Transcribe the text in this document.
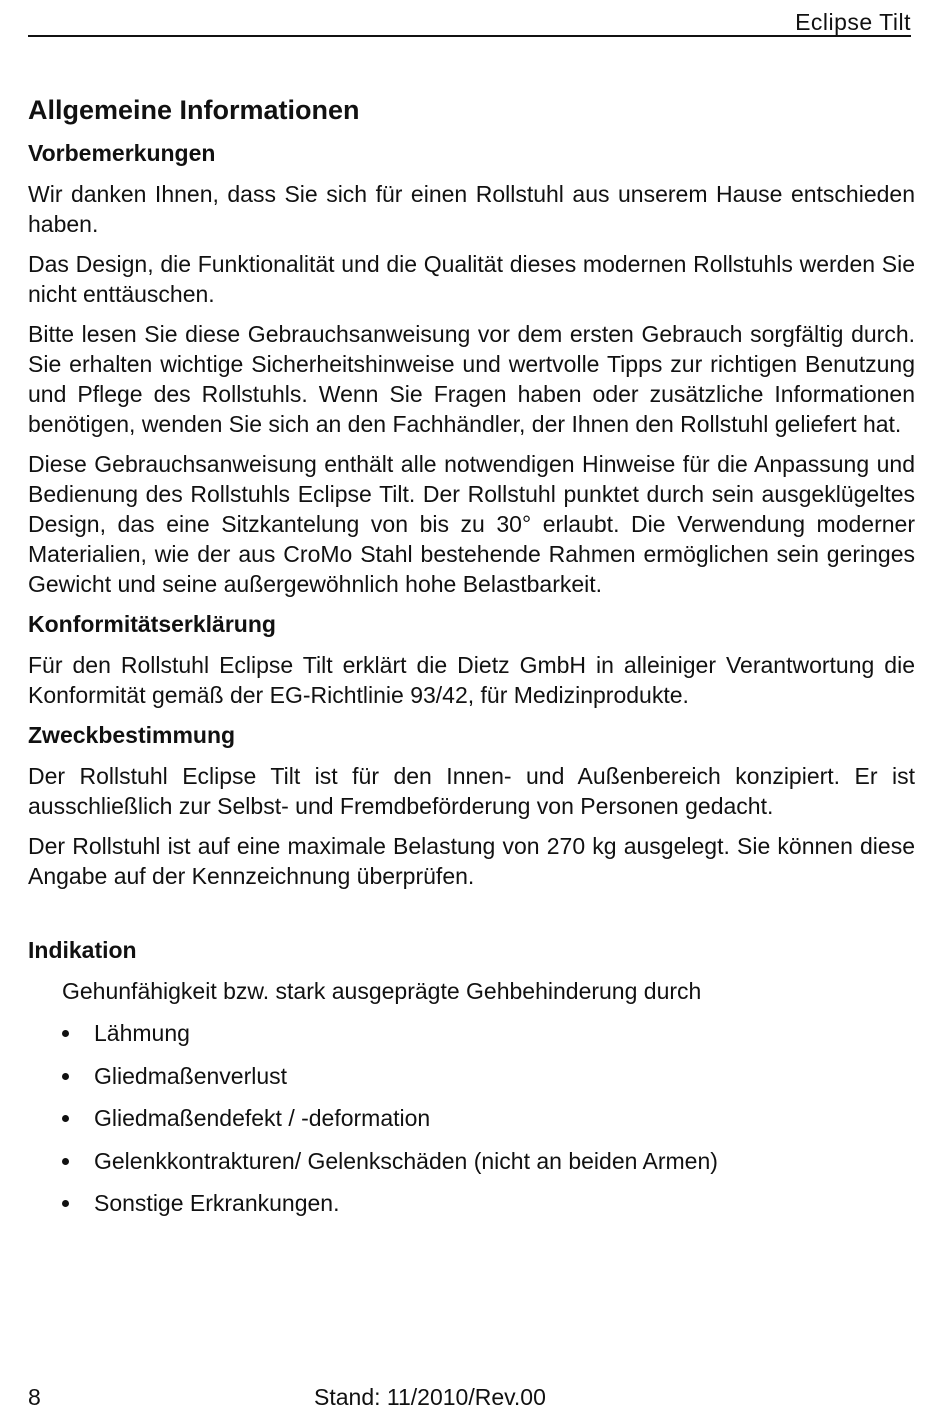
Eclipse Tilt
Allgemeine Informationen
Vorbemerkungen

Wir danken Ihnen, dass Sie sich für einen Rollstuhl aus unserem Hause entschieden haben.

Das Design, die Funktionalität und die Qualität dieses modernen Rollstuhls werden Sie nicht enttäuschen.

Bitte lesen Sie diese Gebrauchsanweisung vor dem ersten Gebrauch sorgfältig durch. Sie erhalten wichtige Sicherheitshinweise und wertvolle Tipps zur richtigen Benutzung und Pflege des Rollstuhls. Wenn Sie Fragen haben oder zusätzliche Informationen benötigen, wenden Sie sich an den Fachhändler, der Ihnen den Rollstuhl geliefert hat.

Diese Gebrauchsanweisung enthält alle notwendigen Hinweise für die Anpassung und Bedienung des Rollstuhls Eclipse Tilt. Der Rollstuhl punktet durch sein ausgeklügeltes Design, das eine Sitzkantelung von bis zu 30° erlaubt. Die Verwendung moderner Materialien, wie der aus CroMo Stahl bestehende Rahmen ermöglichen sein geringes Gewicht und seine außergewöhnlich hohe Belastbarkeit.

Konformitätserklärung

Für den Rollstuhl Eclipse Tilt erklärt die Dietz GmbH in alleiniger Verantwortung die Konformität gemäß der EG-Richtlinie 93/42, für Medizinprodukte.

Zweckbestimmung

Der Rollstuhl Eclipse Tilt ist für den Innen- und Außenbereich konzipiert. Er ist ausschließlich zur Selbst- und Fremdbeförderung von Personen gedacht.

Der Rollstuhl ist auf eine maximale Belastung von 270 kg ausgelegt. Sie können diese Angabe auf der Kennzeichnung überprüfen.

Indikation
Gehunfähigkeit bzw. stark ausgeprägte Gehbehinderung durch
Lähmung
Gliedmaßenverlust
Gliedmaßendefekt / -deformation
Gelenkkontrakturen/ Gelenkschäden (nicht an beiden Armen)
Sonstige Erkrankungen.
8	Stand: 11/2010/Rev.00
